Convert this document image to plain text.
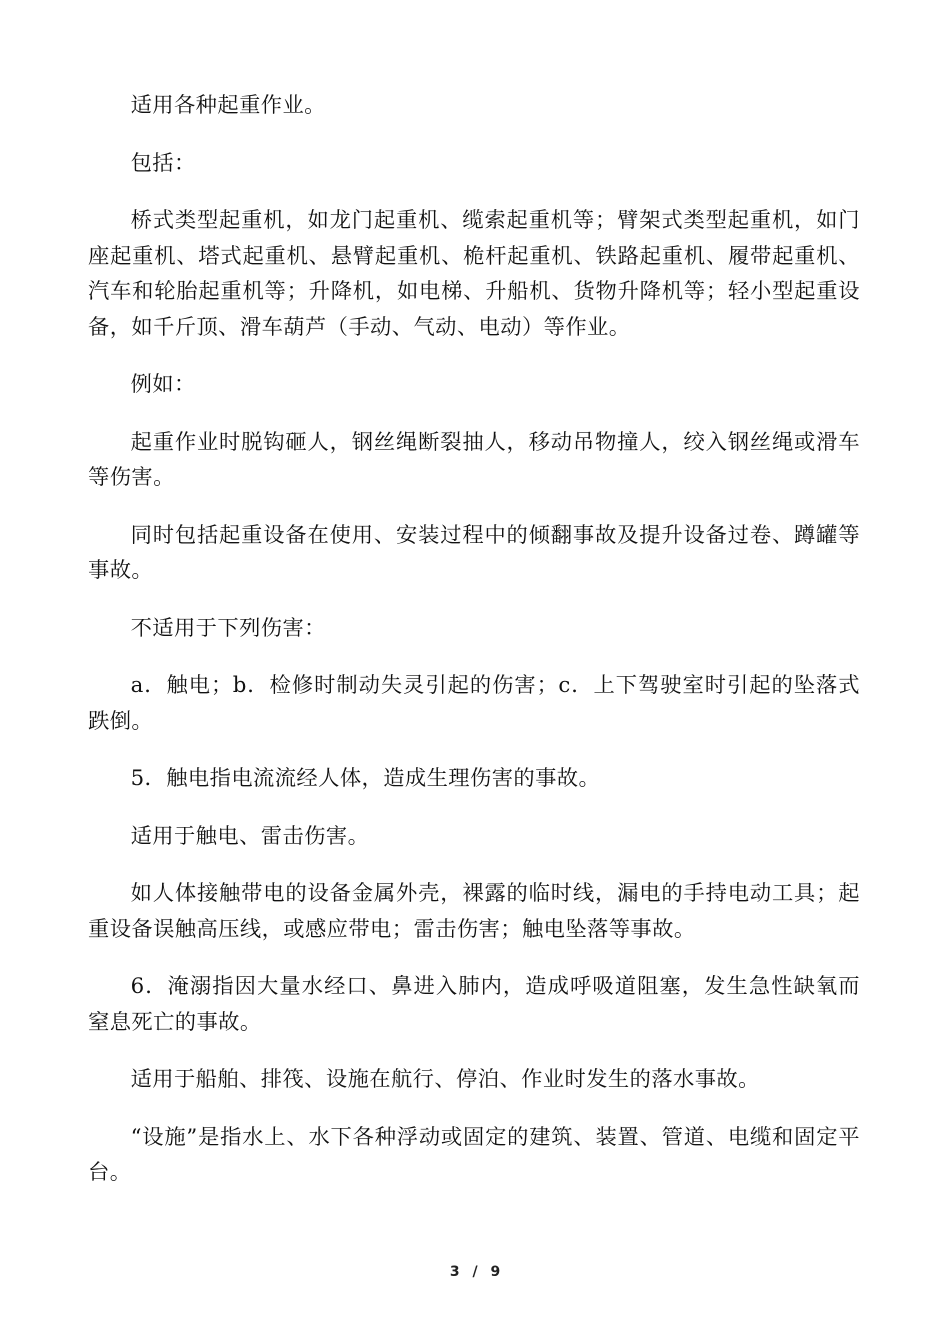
适用各种起重作业。

包括：

桥式类型起重机，如龙门起重机、缆索起重机等；臂架式类型起重机，如门座起重机、塔式起重机、悬臂起重机、桅杆起重机、铁路起重机、履带起重机、汽车和轮胎起重机等；升降机，如电梯、升船机、货物升降机等；轻小型起重设备，如千斤顶、滑车葫芦（手动、气动、电动）等作业。

例如：

起重作业时脱钩砸人，钢丝绳断裂抽人，移动吊物撞人，绞入钢丝绳或滑车等伤害。

同时包括起重设备在使用、安装过程中的倾翻事故及提升设备过卷、蹲罐等事故。

不适用于下列伤害：

a．触电；b．检修时制动失灵引起的伤害；c．上下驾驶室时引起的坠落式跌倒。

5．触电指电流流经人体，造成生理伤害的事故。

适用于触电、雷击伤害。

如人体接触带电的设备金属外壳，裸露的临时线，漏电的手持电动工具；起重设备误触高压线，或感应带电；雷击伤害；触电坠落等事故。

6．淹溺指因大量水经口、鼻进入肺内，造成呼吸道阻塞，发生急性缺氧而窒息死亡的事故。

适用于船舶、排筏、设施在航行、停泊、作业时发生的落水事故。

“设施”是指水上、水下各种浮动或固定的建筑、装置、管道、电缆和固定平台。

3 / 9
